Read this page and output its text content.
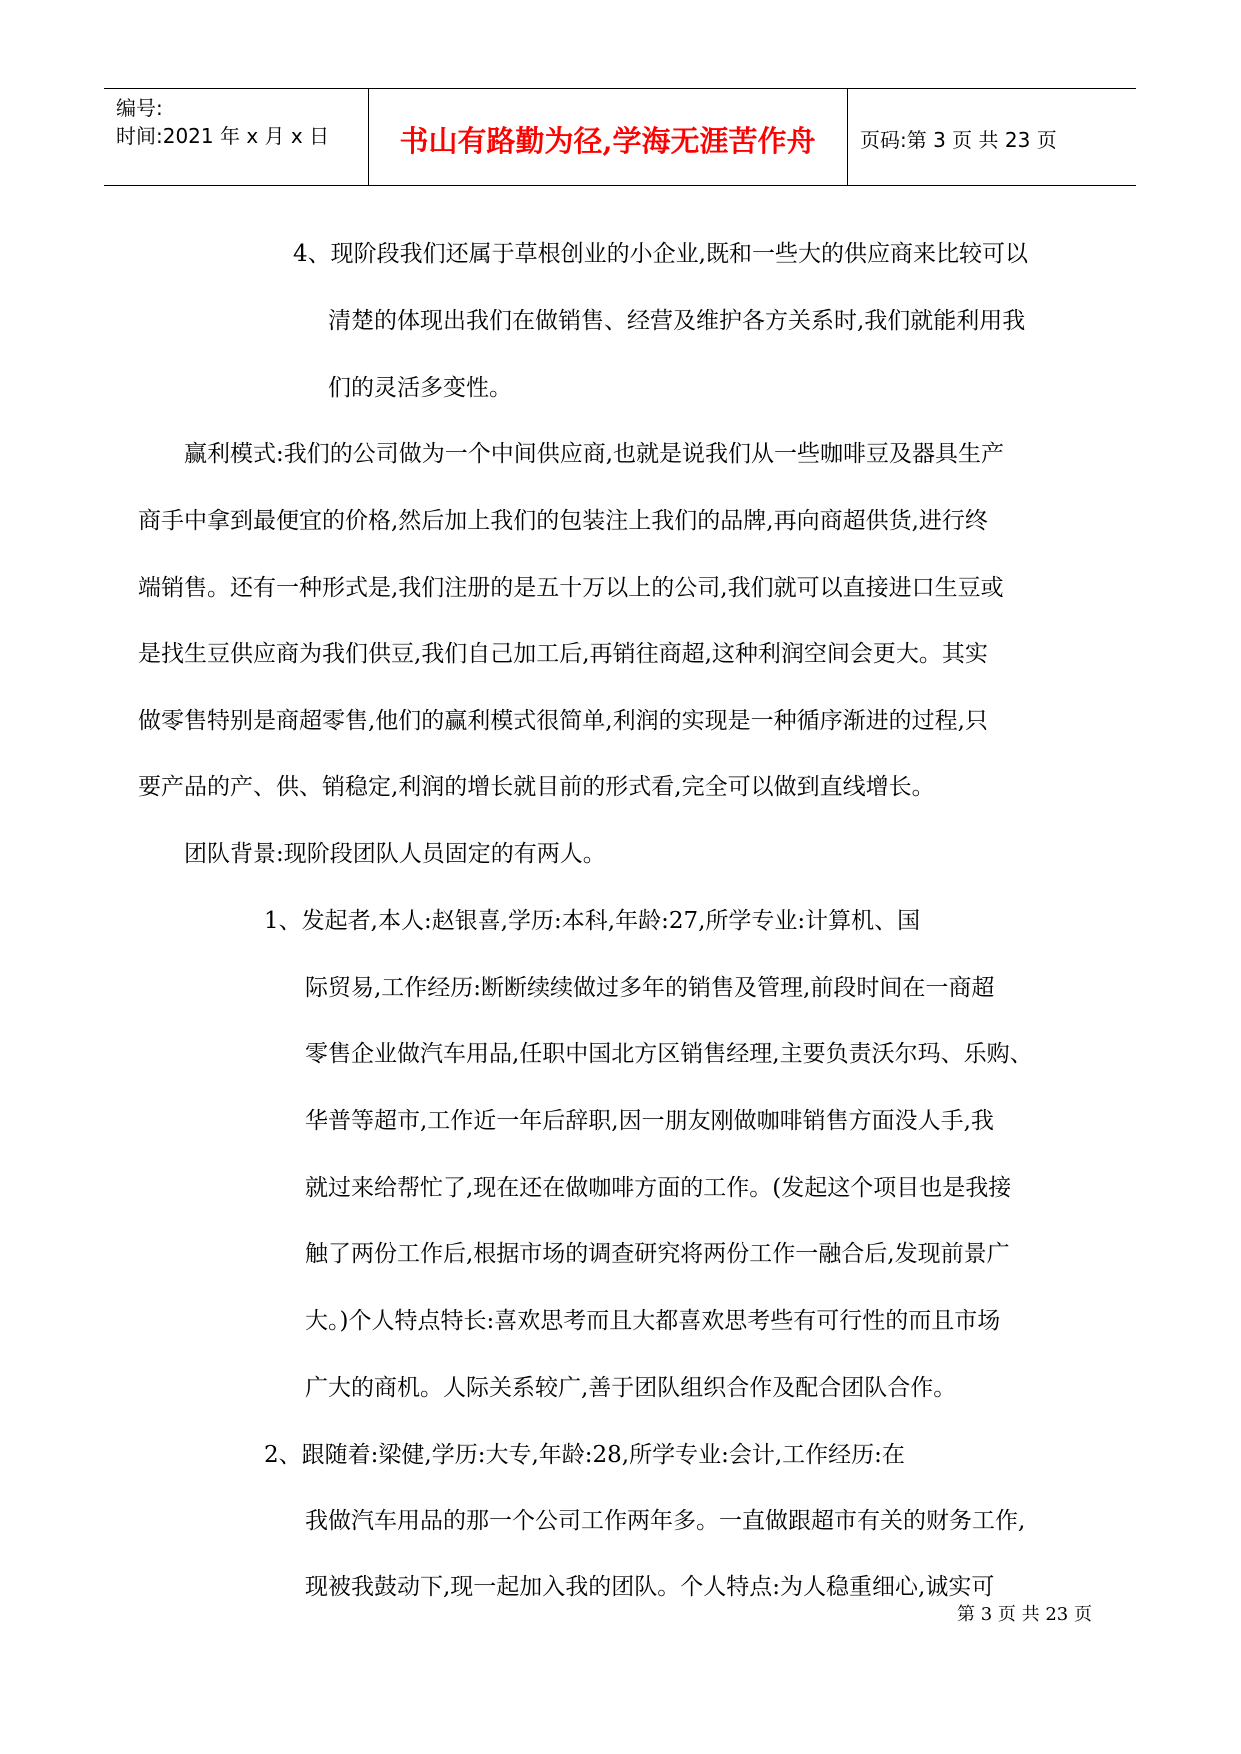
编号:
时间:2021 年 x 月 x 日	书山有路勤为径,学海无涯苦作舟	页码:第 3 页 共 23 页
4、现阶段我们还属于草根创业的小企业,既和一些大的供应商来比较可以
清楚的体现出我们在做销售、经营及维护各方关系时,我们就能利用我
们的灵活多变性。
赢利模式:我们的公司做为一个中间供应商,也就是说我们从一些咖啡豆及器具生产
商手中拿到最便宜的价格,然后加上我们的包装注上我们的品牌,再向商超供货,进行终
端销售。还有一种形式是,我们注册的是五十万以上的公司,我们就可以直接进口生豆或
是找生豆供应商为我们供豆,我们自己加工后,再销往商超,这种利润空间会更大。其实
做零售特别是商超零售,他们的赢利模式很简单,利润的实现是一种循序渐进的过程,只
要产品的产、供、销稳定,利润的增长就目前的形式看,完全可以做到直线增长。
团队背景:现阶段团队人员固定的有两人。
1、发起者,本人:赵银喜,学历:本科,年龄:27,所学专业:计算机、国
际贸易,工作经历:断断续续做过多年的销售及管理,前段时间在一商超
零售企业做汽车用品,任职中国北方区销售经理,主要负责沃尔玛、乐购、
华普等超市,工作近一年后辞职,因一朋友刚做咖啡销售方面没人手,我
就过来给帮忙了,现在还在做咖啡方面的工作。(发起这个项目也是我接
触了两份工作后,根据市场的调查研究将两份工作一融合后,发现前景广
大。)个人特点特长:喜欢思考而且大都喜欢思考些有可行性的而且市场
广大的商机。人际关系较广,善于团队组织合作及配合团队合作。
2、跟随着:梁健,学历:大专,年龄:28,所学专业:会计,工作经历:在
我做汽车用品的那一个公司工作两年多。一直做跟超市有关的财务工作,
现被我鼓动下,现一起加入我的团队。个人特点:为人稳重细心,诚实可
第 3 页 共 23 页
